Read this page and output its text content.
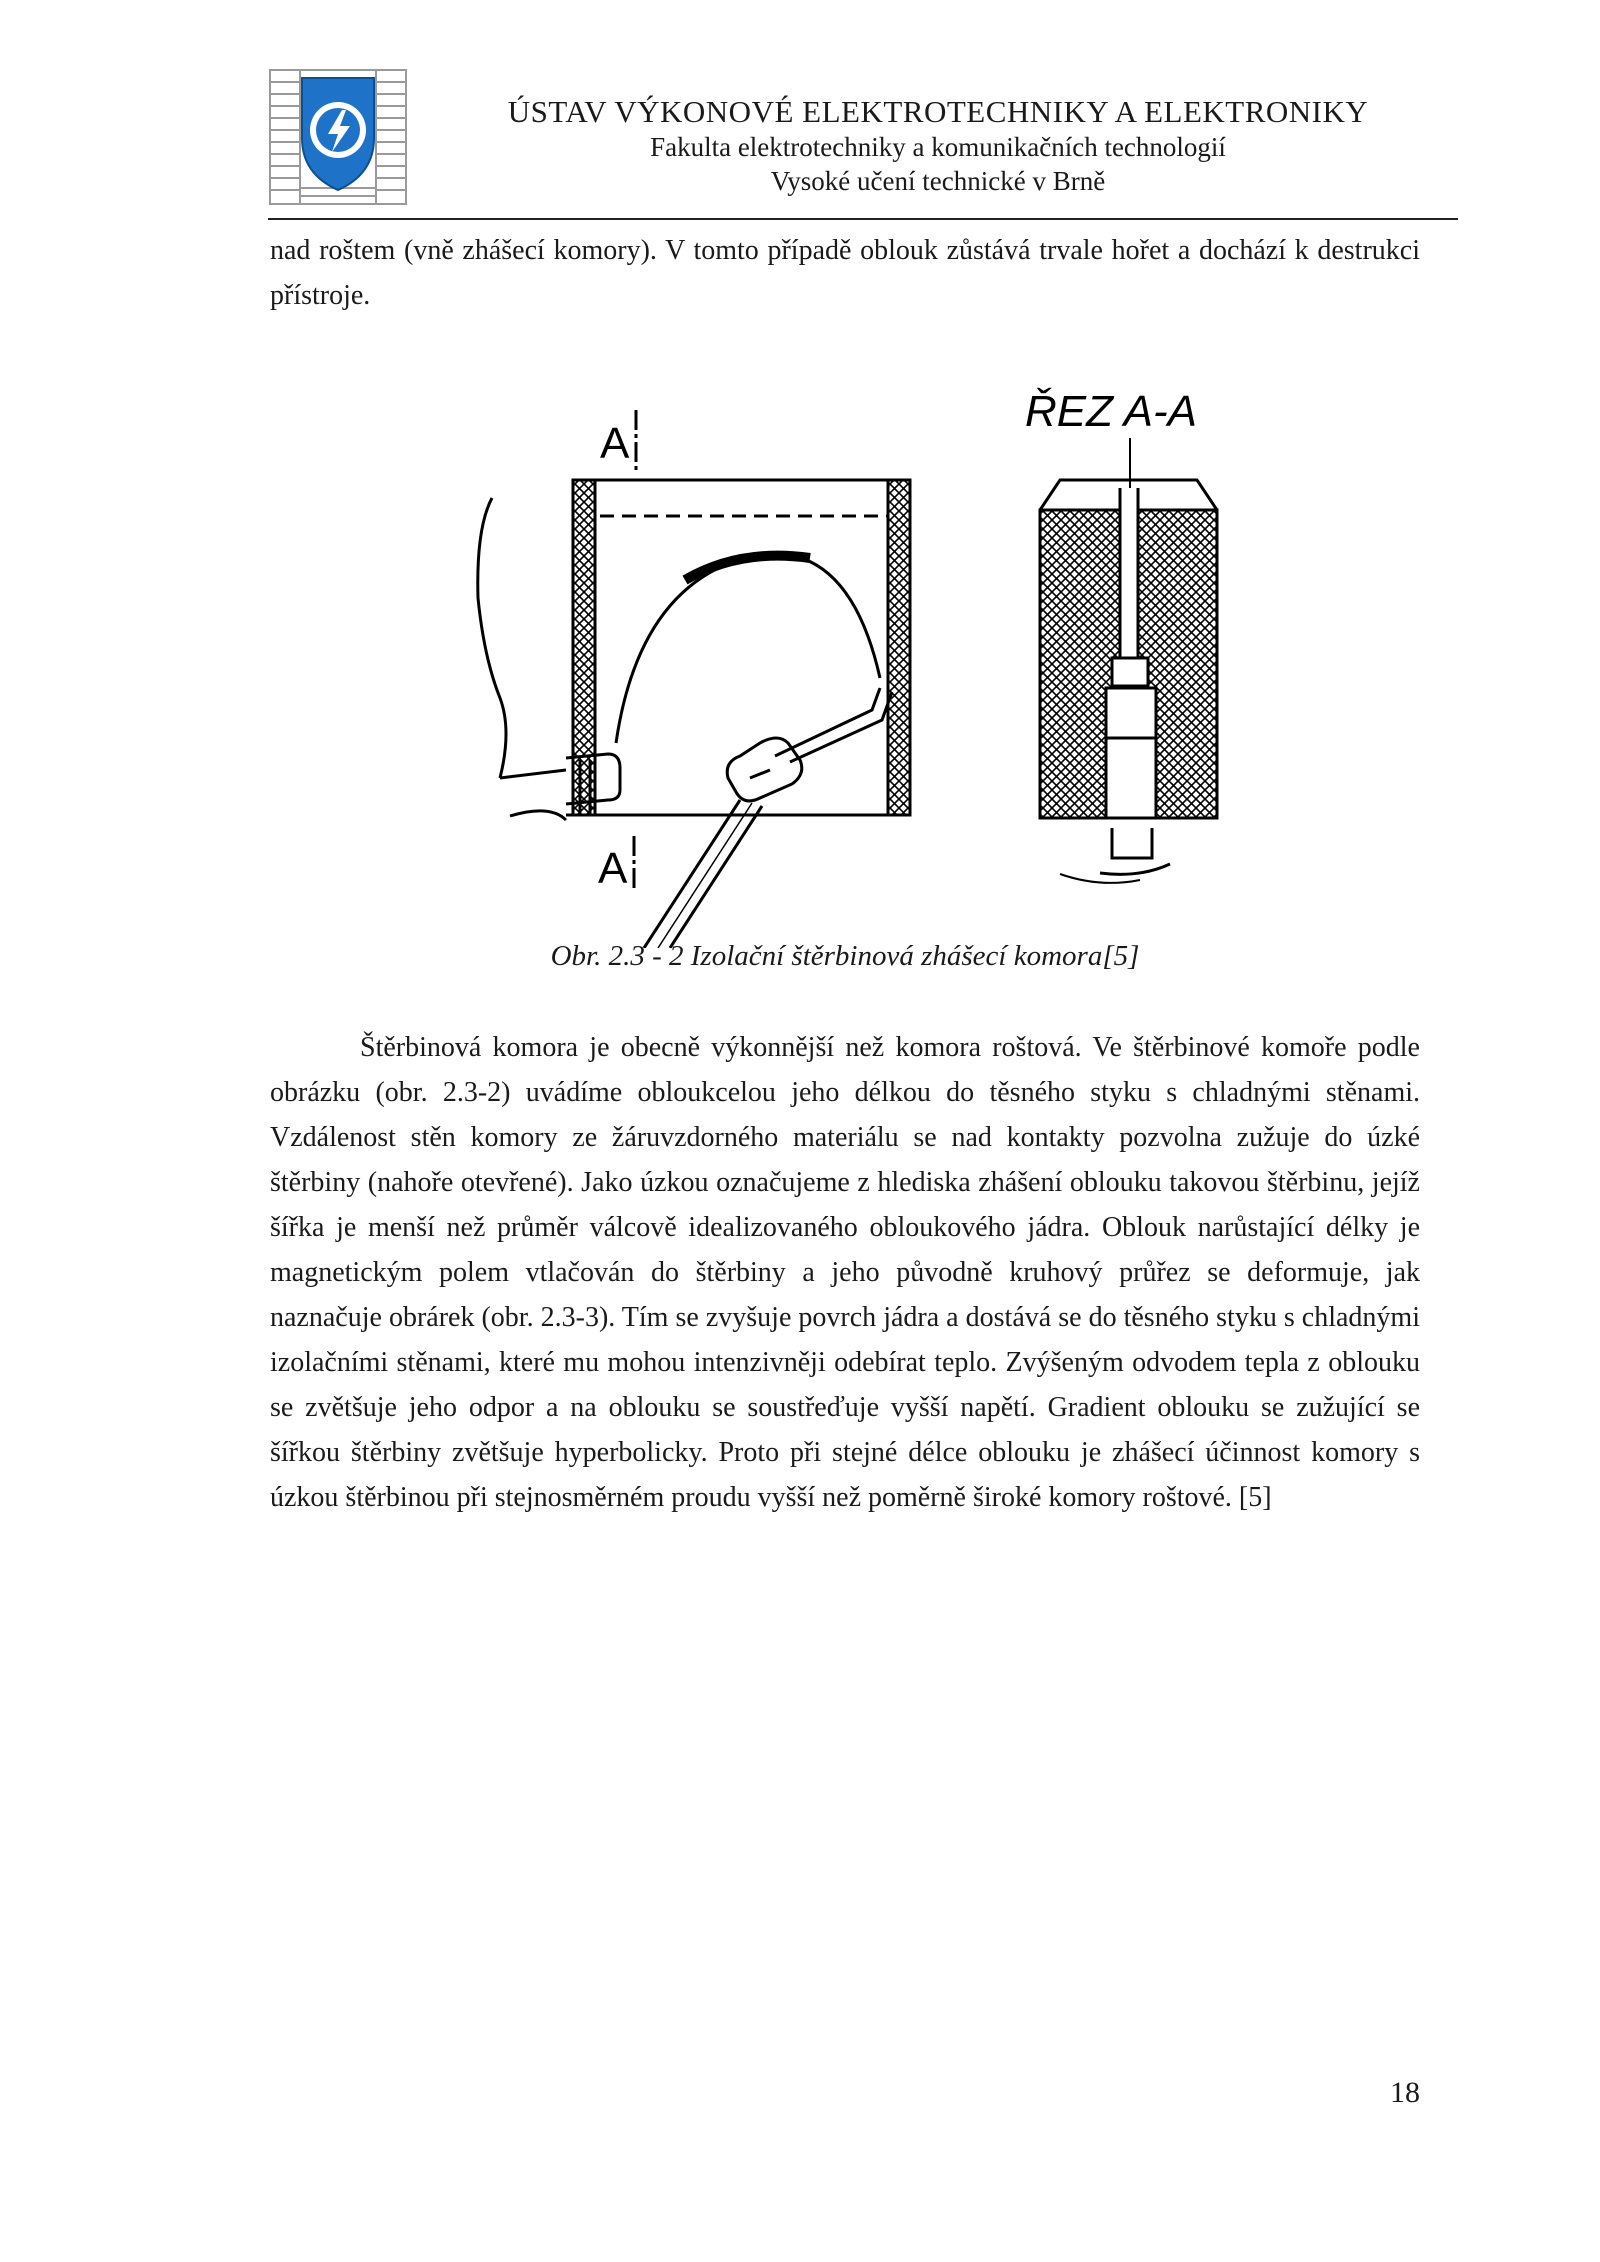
ÚSTAV VÝKONOVÉ ELEKTROTECHNIKY A ELEKTRONIKY
Fakulta elektrotechniky a komunikačních technologií
Vysoké učení technické v Brně
nad roštem (vně zhášecí komory). V tomto případě oblouk zůstává trvale hořet a dochází k destrukci přístroje.
A
A
ŘEZ A-A
Obr. 2.3 - 2 Izolační štěrbinová zhášecí komora[5]
Štěrbinová komora je obecně výkonnější než komora roštová. Ve štěrbinové komoře podle obrázku (obr. 2.3-2) uvádíme obloukcelou jeho délkou do těsného styku s chladnými stěnami. Vzdálenost stěn komory ze žáruvzdorného materiálu se nad kontakty pozvolna zužuje do úzké štěrbiny (nahoře otevřené). Jako úzkou označujeme z hlediska zhášení oblouku takovou štěrbinu, jejíž šířka je menší než průměr válcově idealizovaného obloukového jádra. Oblouk narůstající délky je magnetickým polem vtlačován do štěrbiny a jeho původně kruhový průřez se deformuje, jak naznačuje obrárek (obr. 2.3-3). Tím se zvyšuje povrch jádra a dostává se do těsného styku s chladnými izolačními stěnami, které mu mohou intenzivněji odebírat teplo. Zvýšeným odvodem tepla z oblouku se zvětšuje jeho odpor a na oblouku se soustřeďuje vyšší napětí. Gradient oblouku se zužující se šířkou štěrbiny zvětšuje hyperbolicky. Proto při stejné délce oblouku je zhášecí účinnost komory s úzkou štěrbinou při stejnosměrném proudu vyšší než poměrně široké komory roštové. [5]
18
